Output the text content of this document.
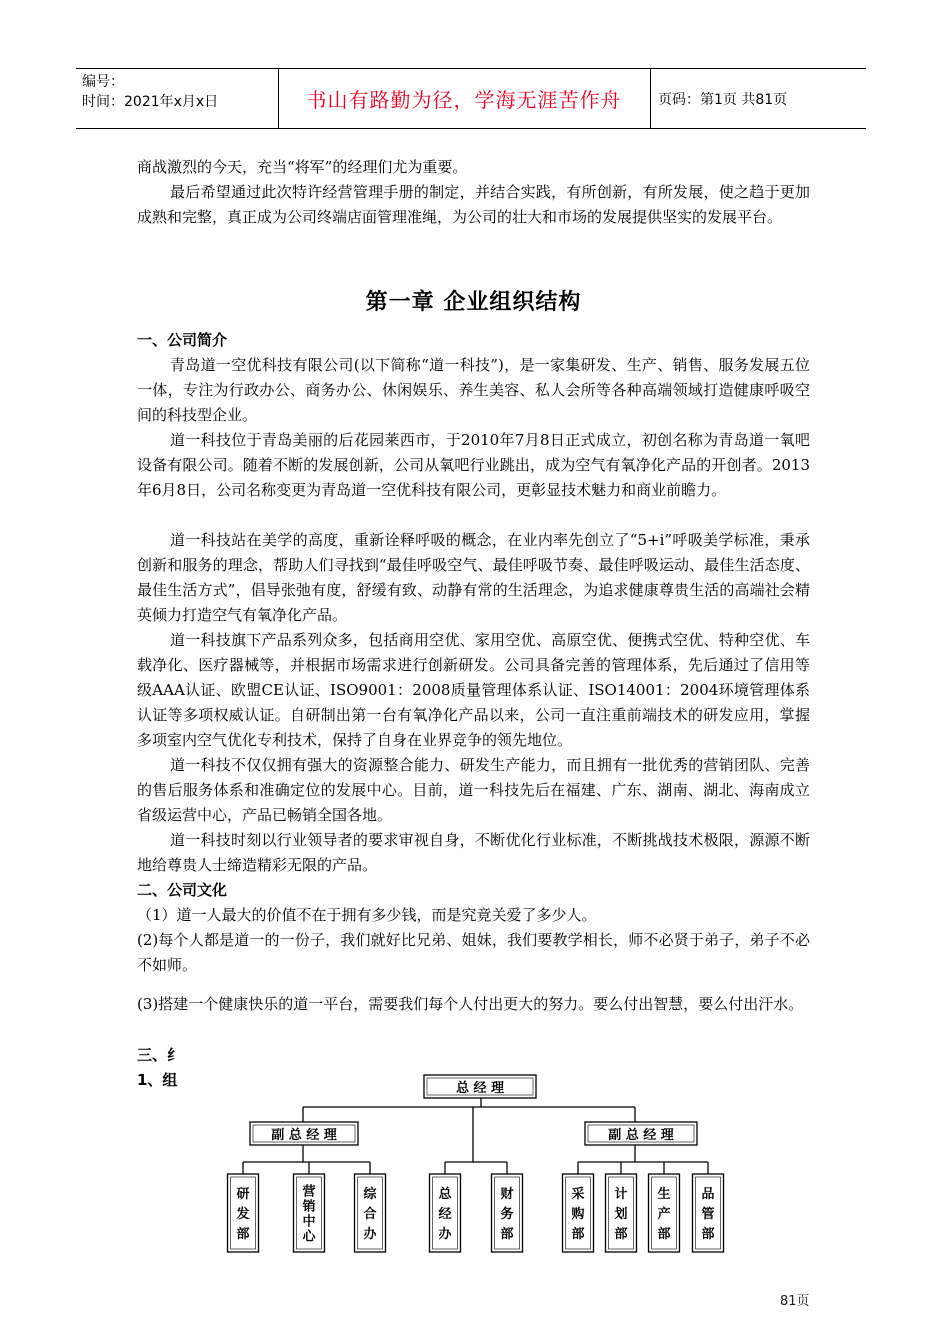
编号：
时间：2021年x月x日	书山有路勤为径，学海无涯苦作舟	页码：第1页 共81页

商战激烈的今天，充当“将军”的经理们尤为重要。

最后希望通过此次特许经营管理手册的制定，并结合实践，有所创新，有所发展，使之趋于更加成熟和完整，真正成为公司终端店面管理准绳，为公司的壮大和市场的发展提供坚实的发展平台。

第一章 企业组织结构

一、公司简介

青岛道一空优科技有限公司(以下简称“道一科技”)，是一家集研发、生产、销售、服务发展五位一体，专注为行政办公、商务办公、休闲娱乐、养生美容、私人会所等各种高端领域打造健康呼吸空间的科技型企业。

道一科技位于青岛美丽的后花园莱西市，于2010年7月8日正式成立，初创名称为青岛道一氧吧设备有限公司。随着不断的发展创新，公司从氧吧行业跳出，成为空气有氧净化产品的开创者。2013年6月8日，公司名称变更为青岛道一空优科技有限公司，更彰显技术魅力和商业前瞻力。

道一科技站在美学的高度，重新诠释呼吸的概念，在业内率先创立了“5+i”呼吸美学标准，秉承创新和服务的理念，帮助人们寻找到“最佳呼吸空气、最佳呼吸节奏、最佳呼吸运动、最佳生活态度、最佳生活方式”，倡导张弛有度，舒缓有致、动静有常的生活理念，为追求健康尊贵生活的高端社会精英倾力打造空气有氧净化产品。

道一科技旗下产品系列众多，包括商用空优、家用空优、高原空优、便携式空优、特种空优、车载净化、医疗器械等，并根据市场需求进行创新研发。公司具备完善的管理体系，先后通过了信用等级AAA认证、欧盟CE认证、ISO9001：2008质量管理体系认证、ISO14001：2004环境管理体系认证等多项权威认证。自研制出第一台有氧净化产品以来，公司一直注重前端技术的研发应用，掌握多项室内空气优化专利技术，保持了自身在业界竞争的领先地位。

道一科技不仅仅拥有强大的资源整合能力、研发生产能力，而且拥有一批优秀的营销团队、完善的售后服务体系和准确定位的发展中心。目前，道一科技先后在福建、广东、湖南、湖北、海南成立省级运营中心，产品已畅销全国各地。

道一科技时刻以行业领导者的要求审视自身，不断优化行业标准，不断挑战技术极限，源源不断地给尊贵人士缔造精彩无限的产品。

二、公司文化

（1）道一人最大的价值不在于拥有多少钱，而是究竟关爱了多少人。

(2)每个人都是道一的一份子，我们就好比兄弟、姐妹，我们要教学相长，师不必贤于弟子，弟子不必不如师。

(3)搭建一个健康快乐的道一平台，需要我们每个人付出更大的努力。要么付出智慧，要么付出汗水。

三、纟

1、组	总 经 理
副 总 经 理	副 总 经 理
研发部
营销中心
综合办
总经办
财务部
采购部
计划部
生产部
品管部
81页
